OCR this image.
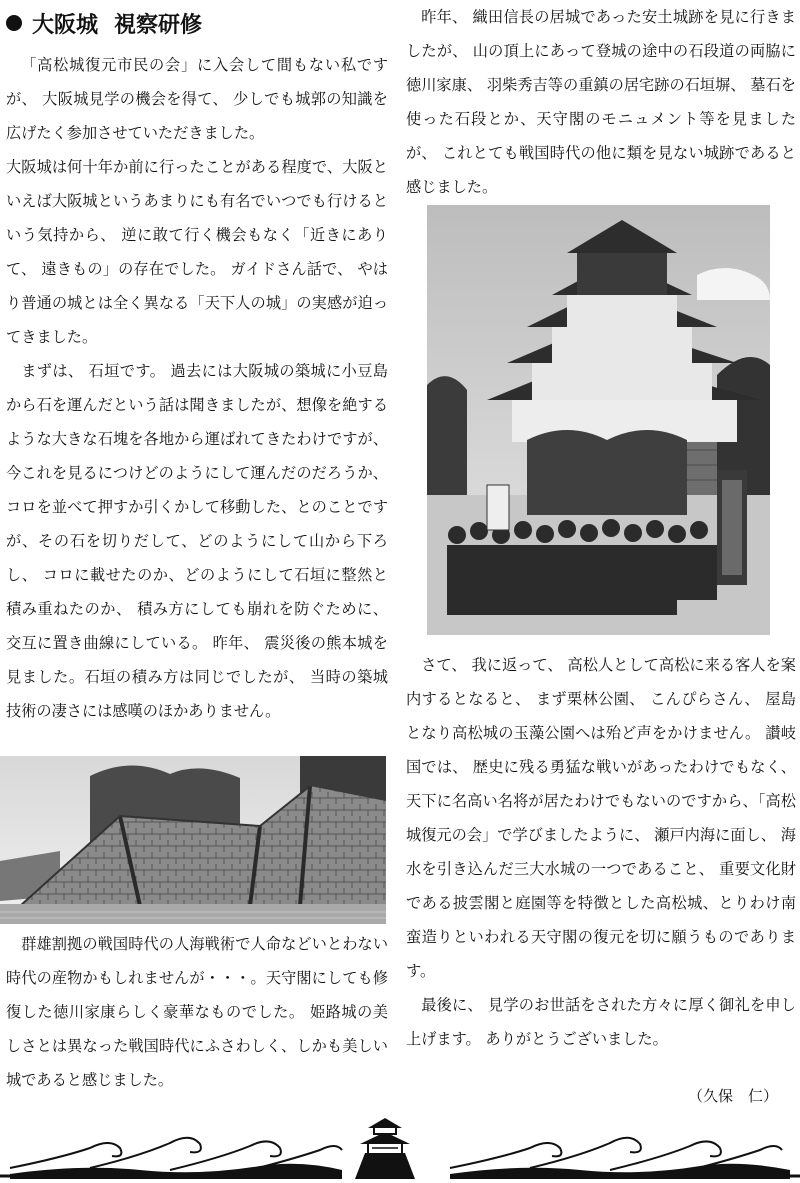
大阪城 視察研修

「高松城復元市民の会」に入会して間もない私ですが、 大阪城見学の機会を得て、 少しでも城郭の知識を広げたく参加させていただきました。

大阪城は何十年か前に行ったことがある程度で、大阪といえば大阪城というあまりにも有名でいつでも行けるという気持から、 逆に敢て行く機会もなく「近きにありて、 遠きもの」の存在でした。 ガイドさん話で、 やはり普通の城とは全く異なる「天下人の城」の実感が迫ってきました。

まずは、 石垣です。 過去には大阪城の築城に小豆島から石を運んだという話は聞きましたが、想像を絶するような大きな石塊を各地から運ばれてきたわけですが、 今これを見るにつけどのようにして運んだのだろうか、 コロを並べて押すか引くかして移動した、とのことですが、その石を切りだして、どのようにして山から下ろし、 コロに載せたのか、どのようにして石垣に整然と積み重ねたのか、 積み方にしても崩れを防ぐために、 交互に置き曲線にしている。 昨年、 震災後の熊本城を見ました。石垣の積み方は同じでしたが、 当時の築城技術の凄さには感嘆のほかありません。

群雄割拠の戦国時代の人海戦術で人命などいとわない時代の産物かもしれませんが・・・。天守閣にしても修復した徳川家康らしく豪華なものでした。 姫路城の美しさとは異なった戦国時代にふさわしく、しかも美しい城であると感じました。

昨年、 織田信長の居城であった安土城跡を見に行きましたが、 山の頂上にあって登城の途中の石段道の両脇に徳川家康、 羽柴秀吉等の重鎮の居宅跡の石垣塀、 墓石を使った石段とか、天守閣のモニュメント等を見ましたが、 これとても戦国時代の他に類を見ない城跡であると感じました。

さて、 我に返って、 高松人として高松に来る客人を案内するとなると、 まず栗林公園、 こんぴらさん、 屋島となり高松城の玉藻公園へは殆ど声をかけません。 讃岐国では、 歴史に残る勇猛な戦いがあったわけでもなく、 天下に名高い名将が居たわけでもないのですから、「高松城復元の会」で学びましたように、 瀬戸内海に面し、 海水を引き込んだ三大水城の一つであること、 重要文化財である披雲閣と庭園等を特徴とした高松城、とりわけ南蛮造りといわれる天守閣の復元を切に願うものであります。

最後に、 見学のお世話をされた方々に厚く御礼を申し上げます。 ありがとうございました。

（久保　仁）
